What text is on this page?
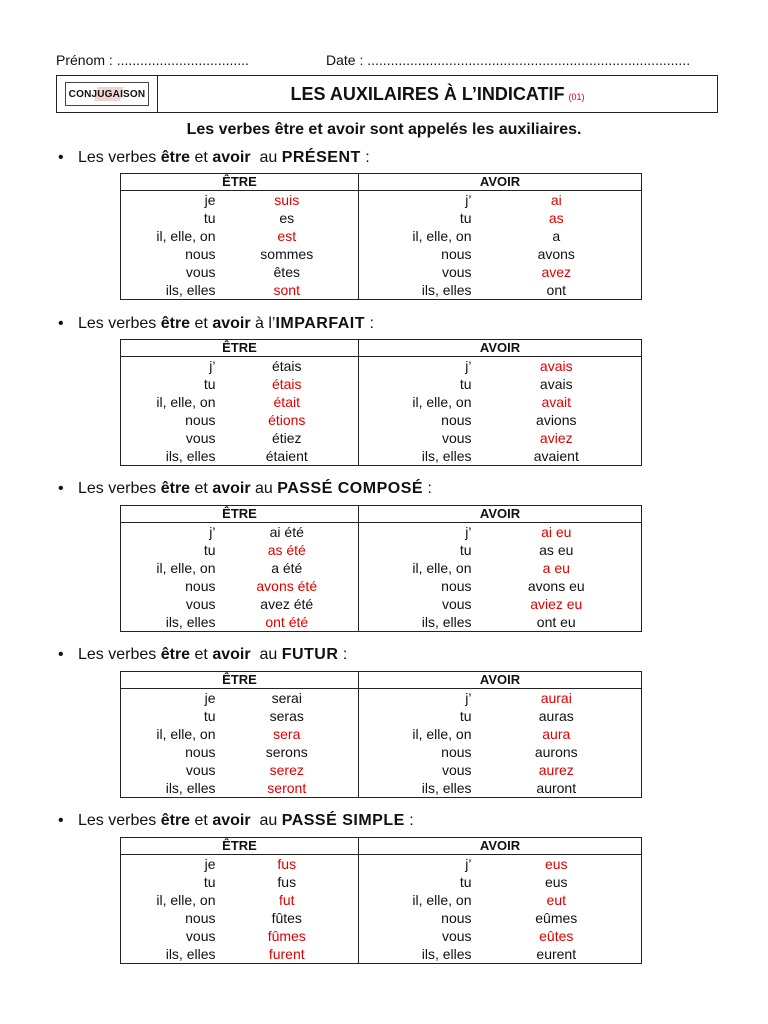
Prénom : ..................................	Date : ...................................................................................
CONJUGAISON	LES AUXILAIRES À L’INDICATIF (01)
Les verbes être et avoir sont appelés les auxiliaires.
• Les verbes être et avoir  au PRÉSENT :
ÊTRE		AVOIR	
je	suis	j’	ai
tu	es	tu	as
il, elle, on	est	il, elle, on	a
nous	sommes	nous	avons
vous	êtes	vous	avez
ils, elles	sont	ils, elles	ont
• Les verbes être et avoir à l’IMPARFAIT :
ÊTRE		AVOIR	
j’	étais	j’	avais
tu	étais	tu	avais
il, elle, on	était	il, elle, on	avait
nous	étions	nous	avions
vous	étiez	vous	aviez
ils, elles	étaient	ils, elles	avaient
• Les verbes être et avoir au PASSÉ COMPOSÉ :
ÊTRE		AVOIR	
j’	ai été	j’	ai eu
tu	as été	tu	as eu
il, elle, on	a été	il, elle, on	a eu
nous	avons été	nous	avons eu
vous	avez été	vous	aviez eu
ils, elles	ont été	ils, elles	ont eu
• Les verbes être et avoir  au FUTUR :
ÊTRE		AVOIR	
je	serai	j’	aurai
tu	seras	tu	auras
il, elle, on	sera	il, elle, on	aura
nous	serons	nous	aurons
vous	serez	vous	aurez
ils, elles	seront	ils, elles	auront
• Les verbes être et avoir  au PASSÉ SIMPLE :
ÊTRE		AVOIR	
je	fus	j’	eus
tu	fus	tu	eus
il, elle, on	fut	il, elle, on	eut
nous	fûtes	nous	eûmes
vous	fûmes	vous	eûtes
ils, elles	furent	ils, elles	eurent
